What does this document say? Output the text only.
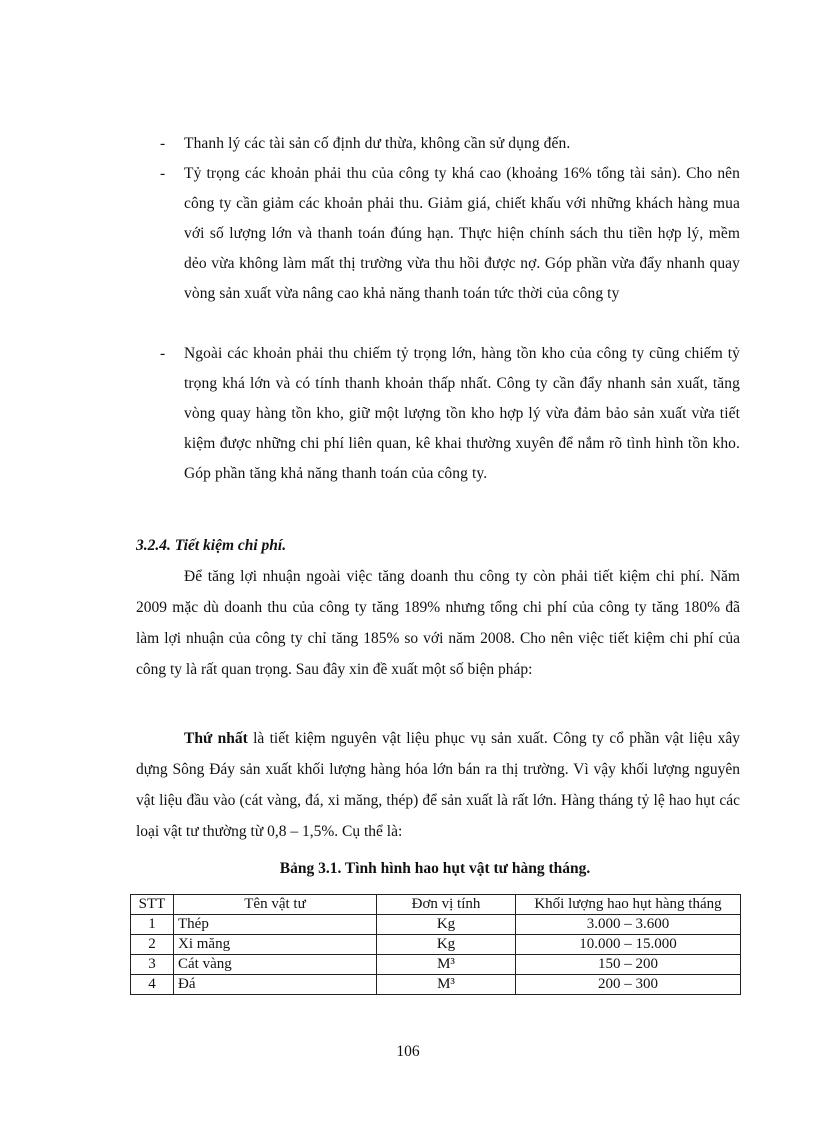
- Thanh lý các tài sản cố định dư thừa, không cần sử dụng đến.
- Tỷ trọng các khoản phải thu của công ty khá cao (khoảng 16% tổng tài sản). Cho nên công ty cần giảm các khoản phải thu. Giảm giá, chiết khấu với những khách hàng mua với số lượng lớn và thanh toán đúng hạn. Thực hiện chính sách thu tiền hợp lý, mềm dẻo vừa không làm mất thị trường vừa thu hồi được nợ. Góp phần vừa đẩy nhanh quay vòng sản xuất vừa nâng cao khả năng thanh toán tức thời của công ty
- Ngoài các khoản phải thu chiếm tỷ trọng lớn, hàng tồn kho của công ty cũng chiếm tỷ trọng khá lớn và có tính thanh khoản thấp nhất. Công ty cần đẩy nhanh sản xuất, tăng vòng quay hàng tồn kho, giữ một lượng tồn kho hợp lý vừa đảm bảo sản xuất vừa tiết kiệm được những chi phí liên quan, kê khai thường xuyên để nắm rõ tình hình tồn kho. Góp phần tăng khả năng thanh toán của công ty.
3.2.4. Tiết kiệm chi phí.
Để tăng lợi nhuận ngoài việc tăng doanh thu công ty còn phải tiết kiệm chi phí. Năm 2009 mặc dù doanh thu của công ty tăng 189% nhưng tổng chi phí của công ty tăng 180% đã làm lợi nhuận của công ty chỉ tăng 185% so với năm 2008. Cho nên việc tiết kiệm chi phí của công ty là rất quan trọng. Sau đây xin đề xuất một số biện pháp:
Thứ nhất là tiết kiệm nguyên vật liệu phục vụ sản xuất. Công ty cổ phần vật liệu xây dựng Sông Đáy sản xuất khối lượng hàng hóa lớn bán ra thị trường. Vì vậy khối lượng nguyên vật liệu đầu vào (cát vàng, đá, xi măng, thép) để sản xuất là rất lớn. Hàng tháng tỷ lệ hao hụt các loại vật tư thường từ 0,8 – 1,5%. Cụ thể là:
Bảng 3.1. Tình hình hao hụt vật tư hàng tháng.
STT	Tên vật tư	Đơn vị tính	Khối lượng hao hụt hàng tháng
1	Thép	Kg	3.000 – 3.600
2	Xi măng	Kg	10.000 – 15.000
3	Cát vàng	M³	150 – 200
4	Đá	M³	200 – 300
106
